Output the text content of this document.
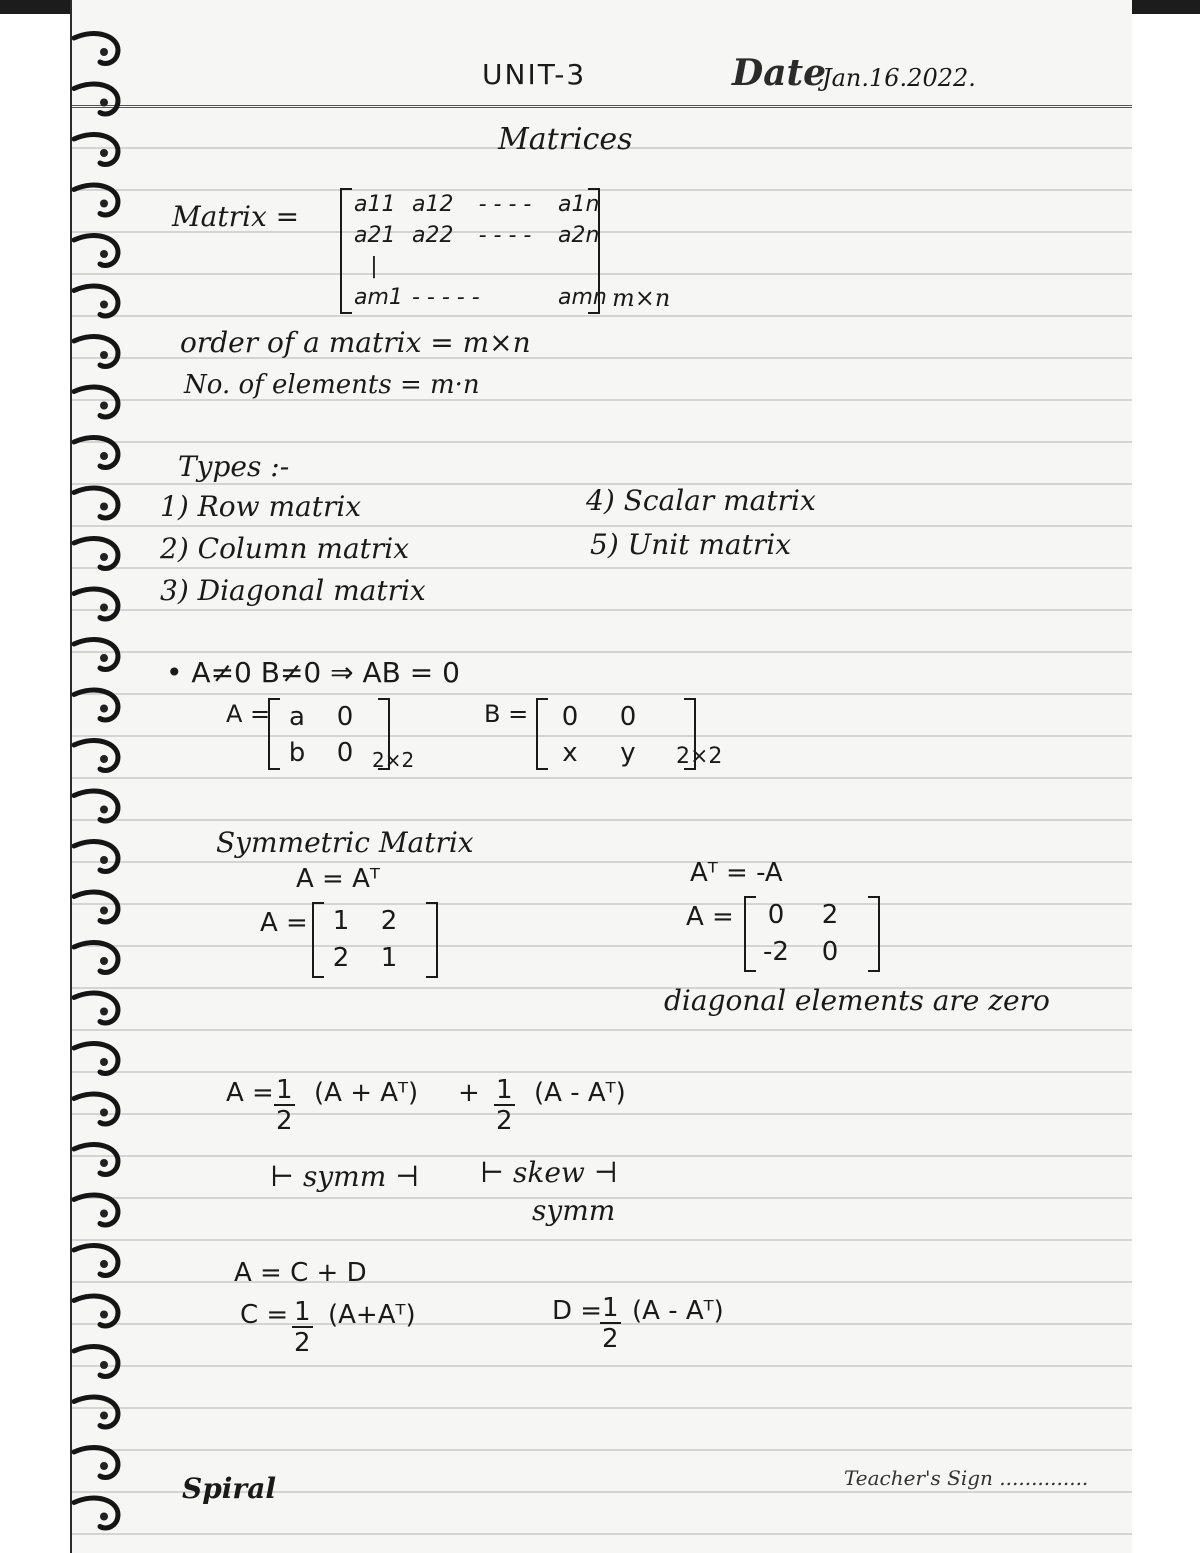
UNIT-3	Date
Jan.16.2022.
Matrices
Matrix = a11 a12	- - - -	a1n
a21 a22	- - - -	a2n
|
am1 - - - - -	amn m×n
order of a matrix = m×n
No. of elements = m·n
Types :-
1) Row matrix
2) Column matrix
3) Diagonal matrix
4) Scalar matrix
5) Unit matrix
• A≠0 B≠0 ⇒ AB = 0
A = a 0
b 0 2×2
B =	0	0
x	y	2×2
Symmetric Matrix
A = Aᵀ
A = 1 2
2 1
Aᵀ = -A
A =	0	2
-2	0
diagonal elements are zero
$A = \frac{1}{2} (A$ + Aᵀ) + $\frac{1}{2} (A$ - Aᵀ)
⊢ symm ⊣ ⊢ skew ⊣
symm
A = C + D
$C = \frac{1}{2}$ (A+Aᵀ)	D =
$\frac{1}{2} (A$ - Aᵀ)
Spiral	Teacher's Sign ..............
